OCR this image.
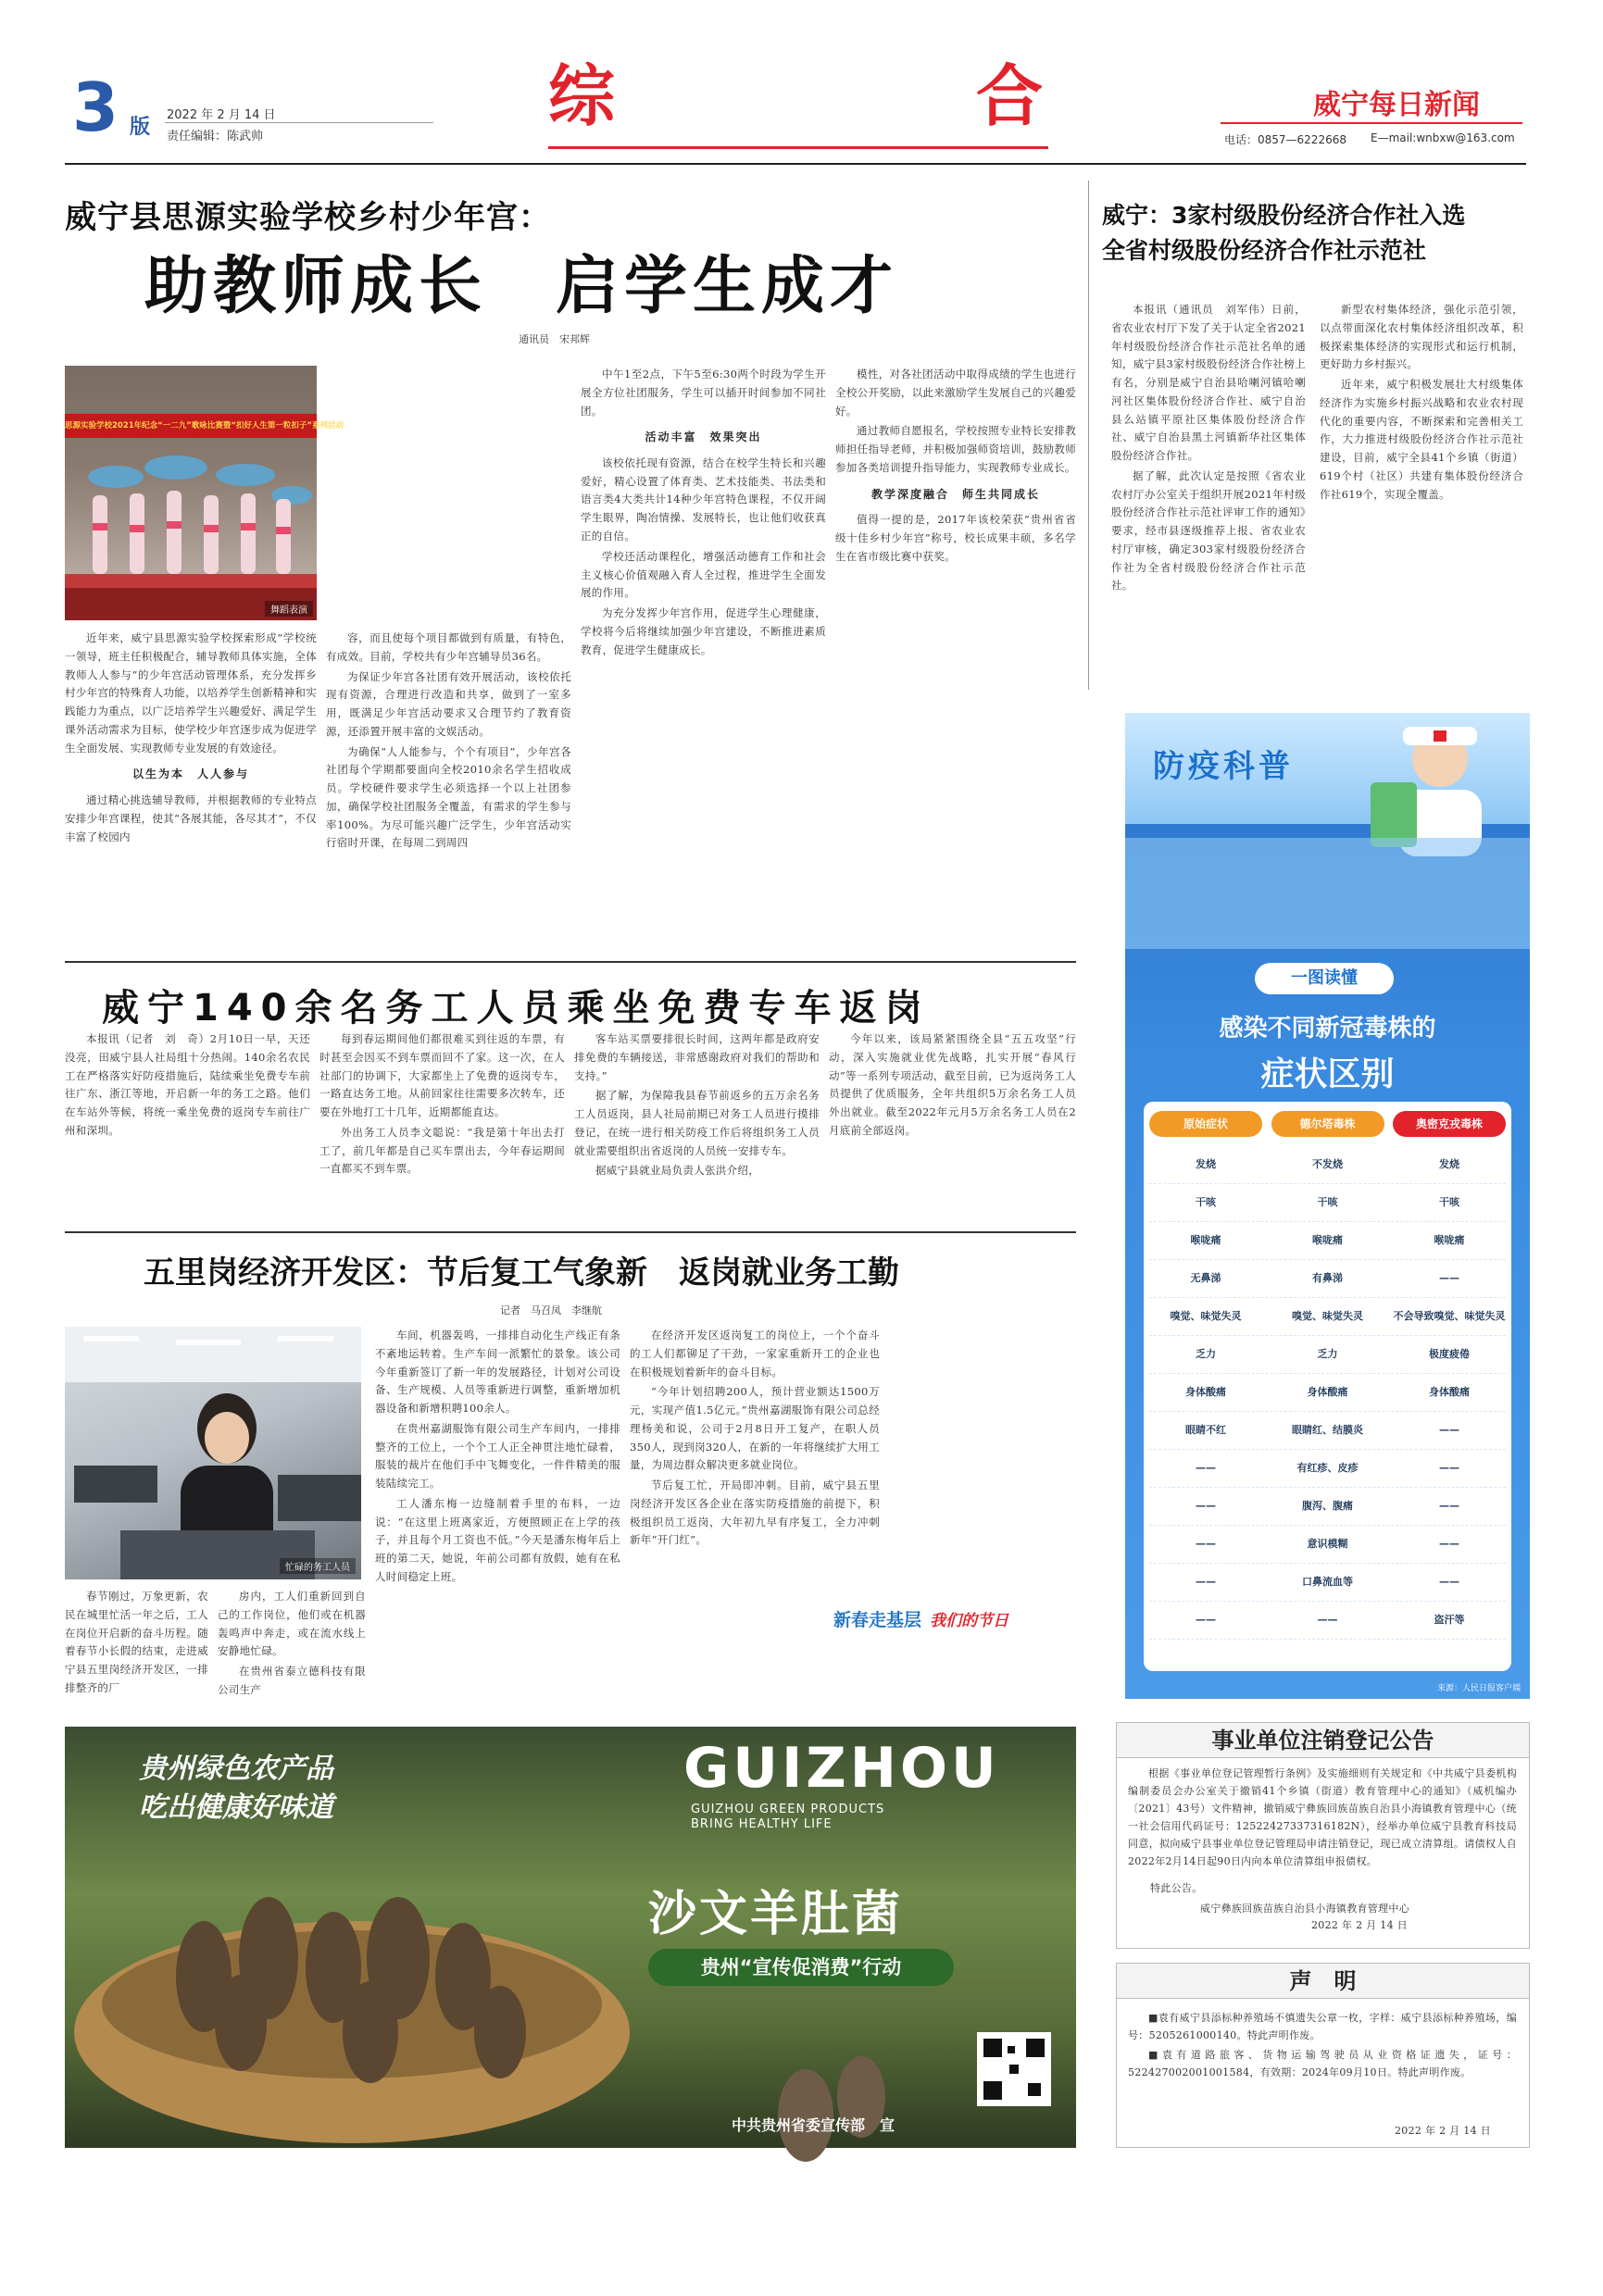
3 版
2022 年 2 月 14 日
责任编辑：陈武帅
综	合	威宁每日新闻
电话：0857—6222668 E—mail:wnbxw@163.com
威宁县思源实验学校乡村少年宫：
助教师成长　启学生成才
通讯员　宋邦辉
思源实验学校2021年纪念“一二九”歌咏比赛暨“扣好人生第一粒扣子”系列活动
舞蹈表演

近年来，威宁县思源实验学校探索形成“学校统一领导，班主任积极配合，辅导教师具体实施，全体教师人人参与”的少年宫活动管理体系，充分发挥乡村少年宫的特殊育人功能，以培养学生创新精神和实践能力为重点，以广泛培养学生兴趣爱好、满足学生课外活动需求为目标，使学校少年宫逐步成为促进学生全面发展、实现教师专业发展的有效途径。

以生为本　人人参与

通过精心挑选辅导教师，并根据教师的专业特点安排少年宫课程，使其“各展其能，各尽其才”，不仅丰富了校园内

容，而且使每个项目都做到有质量，有特色，有成效。目前，学校共有少年宫辅导员36名。

为保证少年宫各社团有效开展活动，该校依托现有资源，合理进行改造和共享，做到了一室多用，既满足少年宫活动要求又合理节约了教育资源，还添置开展丰富的文娱活动。

为确保“人人能参与，个个有项目”，少年宫各社团每个学期都要面向全校2010余名学生招收成员。学校硬件要求学生必须选择一个以上社团参加，确保学校社团服务全覆盖，有需求的学生参与率100%。为尽可能兴趣广泛学生，少年宫活动实行宿时开课，在每周二到周四

中午1至2点，下午5至6:30两个时段为学生开展全方位社团服务，学生可以插开时间参加不同社团。

活动丰富　效果突出

该校依托现有资源，结合在校学生特长和兴趣爱好，精心设置了体育类、艺术技能类、书法类和语言类4大类共计14种少年宫特色课程，不仅开阔学生眼界，陶冶情操、发展特长，也让他们收获真正的自信。

学校还活动课程化，增强活动德育工作和社会主义核心价值观融入育人全过程，推进学生全面发展的作用。

为充分发挥少年宫作用，促进学生心理健康，学校将今后将继续加强少年宫建设，不断推进素质教育，促进学生健康成长。

模性，对各社团活动中取得成绩的学生也进行全校公开奖励，以此来激励学生发展自己的兴趣爱好。

通过教师自愿报名，学校按照专业特长安排教师担任指导老师，并积极加强师资培训，鼓励教师参加各类培训提升指导能力，实现教师专业成长。

教学深度融合　师生共同成长

值得一提的是，2017年该校荣获“贵州省省级十佳乡村少年宫”称号，校长成果丰硕，多名学生在省市级比赛中获奖。

威宁：3家村级股份经济合作社入选
全省村级股份经济合作社示范社

本报讯（通讯员　刘军伟）日前，省农业农村厅下发了关于认定全省2021年村级股份经济合作社示范社名单的通知，威宁县3家村级股份经济合作社榜上有名，分别是威宁自治县哈喇河镇哈喇河社区集体股份经济合作社、威宁自治县么站镇平原社区集体股份经济合作社、威宁自治县黑土河镇新华社区集体股份经济合作社。

据了解，此次认定是按照《省农业农村厅办公室关于组织开展2021年村级股份经济合作社示范社评审工作的通知》要求，经市县逐级推荐上报、省农业农村厅审核，确定303家村级股份经济合作社为全省村级股份经济合作社示范社。

新型农村集体经济，强化示范引领，以点带面深化农村集体经济组织改革，积极探索集体经济的实现形式和运行机制，更好助力乡村振兴。

近年来，威宁积极发展壮大村级集体经济作为实施乡村振兴战略和农业农村现代化的重要内容，不断探索和完善相关工作，大力推进村级股份经济合作社示范社建设，目前，威宁全县41个乡镇（街道）619个村（社区）共建有集体股份经济合作社619个，实现全覆盖。

威宁140余名务工人员乘坐免费专车返岗

本报讯（记者　刘　奇）2月10日一早，天还没亮，田威宁县人社局组十分热闹。140余名农民工在严格落实好防疫措施后，陆续乘坐免费专车前往广东、浙江等地，开启新一年的务工之路。他们在车站外等候，将统一乘坐免费的返岗专车前往广州和深圳。

每到春运期间他们都很难买到往返的车票，有时甚至会因买不到车票而回不了家。这一次，在人社部门的协调下，大家都坐上了免费的返岗专车，一路直达务工地。从前回家往往需要多次转车，还要在外地打工十几年，近期都能直达。

外出务工人员李文聪说：“我是第十年出去打工了，前几年都是自己买车票出去，今年春运期间一直都买不到车票。

客车站买票要排很长时间，这两年都是政府安排免费的车辆接送，非常感谢政府对我们的帮助和支持。”

据了解，为保障我县春节前返乡的五万余名务工人员返岗，县人社局前期已对务工人员进行摸排登记，在统一进行相关防疫工作后将组织务工人员就业需要组织出省返岗的人员统一安排专车。

据威宁县就业局负责人张洪介绍，

今年以来，该局紧紧围绕全县“五五攻坚”行动，深入实施就业优先战略，扎实开展“春风行动”等一系列专项活动，截至目前，已为返岗务工人员提供了优质服务，全年共组织5万余名务工人员外出就业。截至2022年元月5万余名务工人员在2月底前全部返岗。

五里岗经济开发区：节后复工气象新　返岗就业务工勤
记者　马召凤　李继航
忙碌的务工人员

春节刚过，万象更新，农民在城里忙活一年之后，工人在岗位开启新的奋斗历程。随着春节小长假的结束，走进威宁县五里岗经济开发区，一排排整齐的厂

房内，工人们重新回到自己的工作岗位，他们或在机器轰鸣声中奔走，或在流水线上安静地忙碌。

在贵州省泰立德科技有限公司生产

车间，机器轰鸣，一排排自动化生产线正有条不紊地运转着。生产车间一派繁忙的景象。该公司今年重新签订了新一年的发展路径，计划对公司设备、生产规模、人员等重新进行调整，重新增加机器设备和新增积聘100余人。

在贵州嘉湖服饰有限公司生产车间内，一排排整齐的工位上，一个个工人正全神贯注地忙碌着，服装的裁片在他们手中飞舞变化，一件件精美的服装陆续完工。

工人潘东梅一边缝制着手里的布料，一边说：“在这里上班离家近，方便照顾正在上学的孩子，并且每个月工资也不低。”今天是潘东梅年后上班的第二天，她说，年前公司都有放假，她有在私人时间稳定上班。

在经济开发区返岗复工的岗位上，一个个奋斗的工人们都铆足了干劲，一家家重新开工的企业也在积极规划着新年的奋斗目标。

“今年计划招聘200人，预计营业额达1500万元，实现产值1.5亿元。”贵州嘉湖服饰有限公司总经理杨美和说，公司于2月8日开工复产，在职人员350人，现到岗320人，在新的一年将继续扩大用工量，为周边群众解决更多就业岗位。

节后复工忙，开局即冲刺。目前，威宁县五里岗经济开发区各企业在落实防疫措施的前提下，积极组织员工返岗，大年初九早有序复工，全力冲刺新年“开门红”。

新春走基层 我们的节日
防疫科普
一图读懂
感染不同新冠毒株的
症状区别
原始症状	德尔塔毒株	奥密克戎毒株
发烧	不发烧	发烧
干咳	干咳	干咳
喉咙痛	喉咙痛	喉咙痛
无鼻涕	有鼻涕	——
嗅觉、味觉失灵	嗅觉、味觉失灵	不会导致嗅觉、味觉失灵
乏力	乏力	极度疲倦
身体酸痛	身体酸痛	身体酸痛
眼睛不红	眼睛红、结膜炎	——
——	有红疹、皮疹	——
——	腹泻、腹痛	——
——	意识模糊	——
——	口鼻流血等	——
——	——	盗汗等
来源：人民日报客户端
事业单位注销登记公告

根据《事业单位登记管理暂行条例》及实施细则有关规定和《中共威宁县委机构编制委员会办公室关于撤销41个乡镇（街道）教育管理中心的通知》（威机编办〔2021〕43号）文件精神，撤销威宁彝族回族苗族自治县小海镇教育管理中心（统一社会信用代码证号：12522427337316182N），经举办单位威宁县教育科技局同意，拟向威宁县事业单位登记管理局申请注销登记，现已成立清算组。请债权人自2022年2月14日起90日内向本单位清算组申报债权。

特此公告。
威宁彝族回族苗族自治县小海镇教育管理中心
2022 年 2 月 14 日
声　明

■袁有威宁县添标种养殖场不慎遗失公章一枚，字样：威宁县添标种养殖场，编号：5205261000140。特此声明作废。

■袁有道路旅客、货物运输驾驶员从业资格证遗失，证号：522427002001001584，有效期：2024年09月10日。特此声明作废。

2022 年 2 月 14 日
贵州绿色农产品
吃出健康好味道
GUIZHOU
GUIZHOU GREEN PRODUCTS
BRING HEALTHY LIFE
沙文羊肚菌
贵州“宣传促消费”行动
中共贵州省委宣传部　宣
